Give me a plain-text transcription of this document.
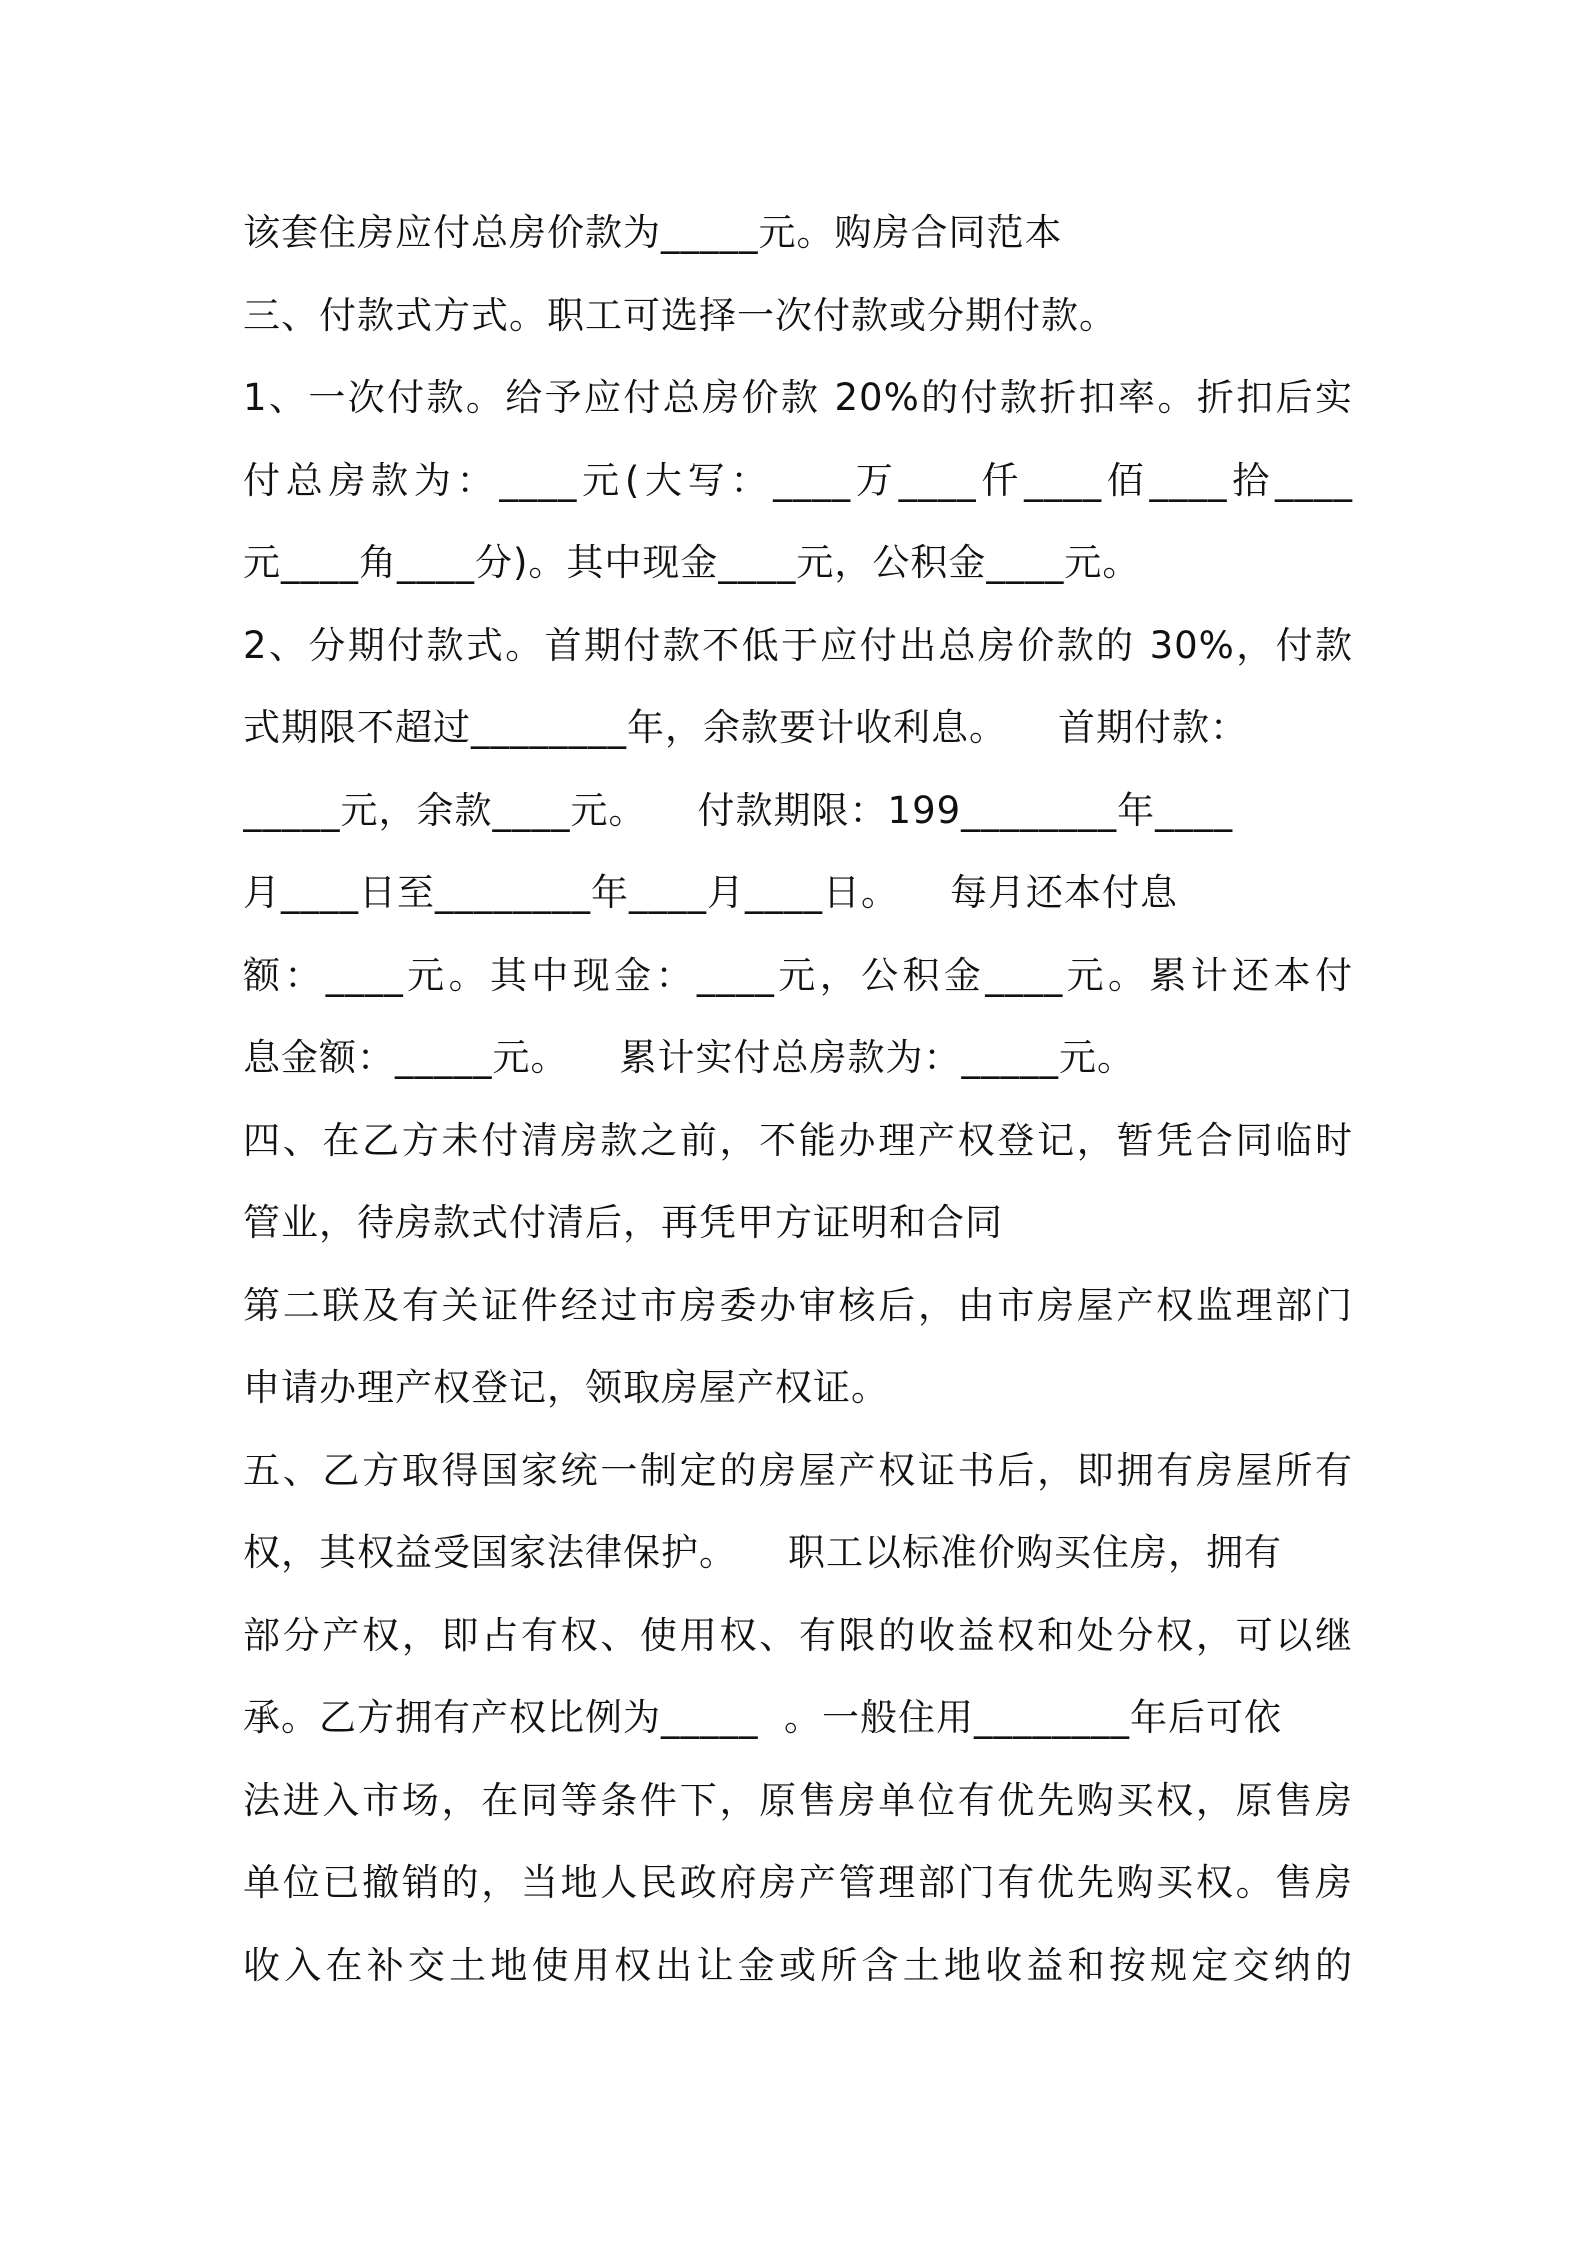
该套住房应付总房价款为_____元。购房合同范本
三、付款式方式。职工可选择一次付款或分期付款。
1、一次付款。给予应付总房价款 20%的付款折扣率。折扣后实
付总房款为：____元(大写：____万____仟____佰____拾____
元____角____分)。其中现金____元，公积金____元。
2、分期付款式。首期付款不低于应付出总房价款的 30%，付款
式期限不超过________年，余款要计收利息。    首期付款：
_____元，余款____元。    付款期限：199________年____
月____日至________年____月____日。    每月还本付息
额：____元。其中现金：____元，公积金____元。累计还本付
息金额：_____元。    累计实付总房款为：_____元。
四、在乙方未付清房款之前，不能办理产权登记，暂凭合同临时
管业，待房款式付清后，再凭甲方证明和合同
第二联及有关证件经过市房委办审核后，由市房屋产权监理部门
申请办理产权登记，领取房屋产权证。
五、乙方取得国家统一制定的房屋产权证书后，即拥有房屋所有
权，其权益受国家法律保护。    职工以标准价购买住房，拥有
部分产权，即占有权、使用权、有限的收益权和处分权，可以继
承。乙方拥有产权比例为_____  。一般住用________年后可依
法进入市场，在同等条件下，原售房单位有优先购买权，原售房
单位已撤销的，当地人民政府房产管理部门有优先购买权。售房
收入在补交土地使用权出让金或所含土地收益和按规定交纳的
